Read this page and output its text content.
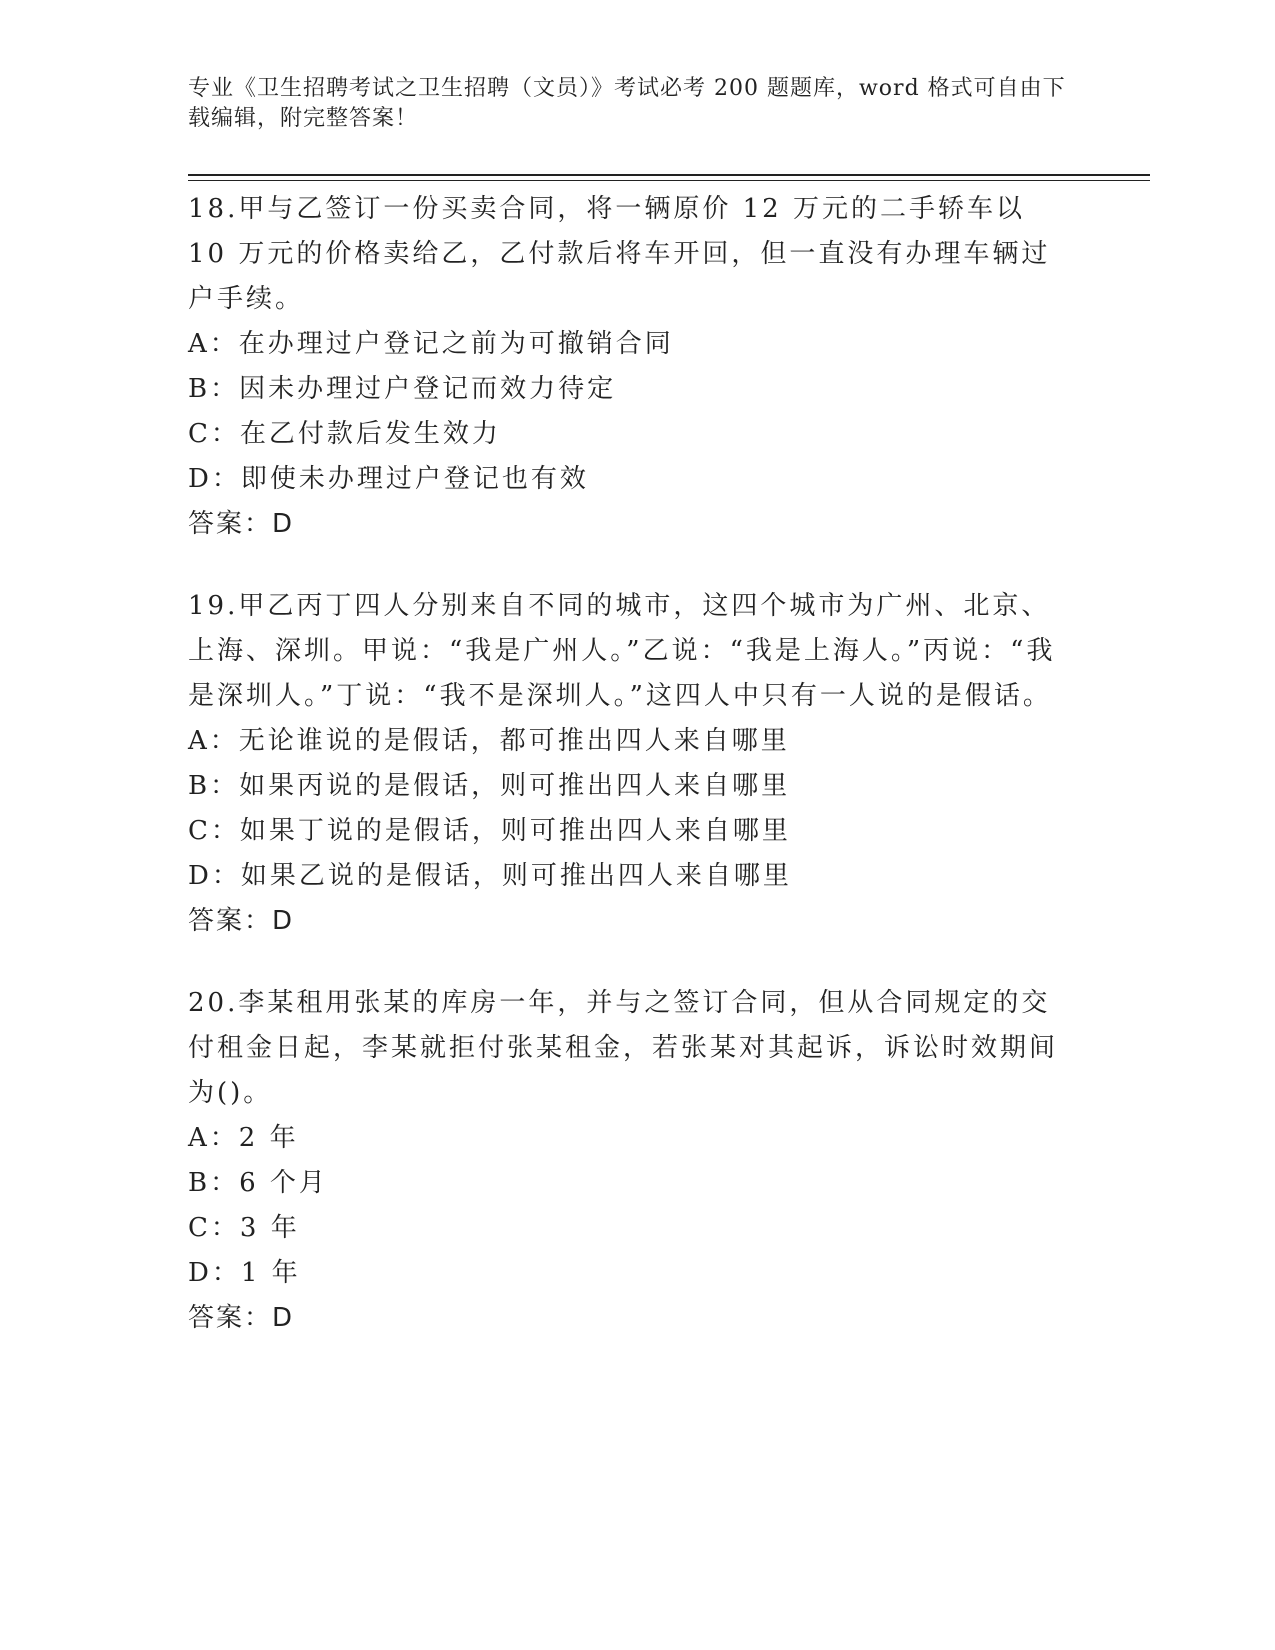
专业《卫生招聘考试之卫生招聘（文员）》考试必考 200 题题库，word 格式可自由下载编辑，附完整答案！

18.甲与乙签订一份买卖合同，将一辆原价 12 万元的二手轿车以 10 万元的价格卖给乙，乙付款后将车开回，但一直没有办理车辆过户手续。

A：在办理过户登记之前为可撤销合同

B：因未办理过户登记而效力待定

C：在乙付款后发生效力

D：即使未办理过户登记也有效

答案：D

19.甲乙丙丁四人分别来自不同的城市，这四个城市为广州、北京、上海、深圳。甲说：“我是广州人。”乙说：“我是上海人。”丙说：“我是深圳人。”丁说：“我不是深圳人。”这四人中只有一人说的是假话。

A：无论谁说的是假话，都可推出四人来自哪里

B：如果丙说的是假话，则可推出四人来自哪里

C：如果丁说的是假话，则可推出四人来自哪里

D：如果乙说的是假话，则可推出四人来自哪里

答案：D

20.李某租用张某的库房一年，并与之签订合同，但从合同规定的交付租金日起，李某就拒付张某租金，若张某对其起诉，诉讼时效期间为()。

A：2 年

B：6 个月

C：3 年

D：1 年

答案：D
